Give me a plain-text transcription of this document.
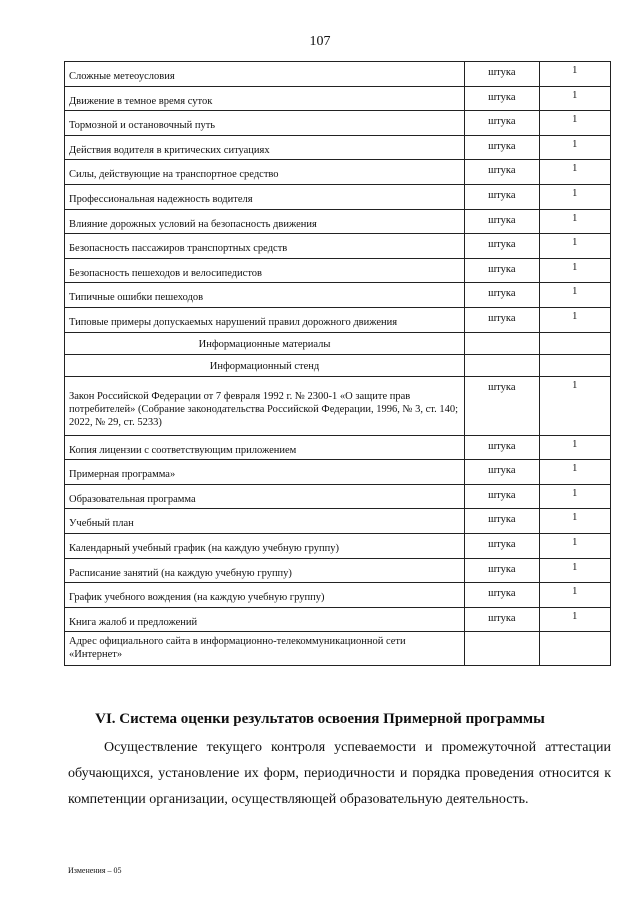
107
Сложные метеоусловия	штука	1
Движение в темное время суток	штука	1
Тормозной и остановочный путь	штука	1
Действия водителя в критических ситуациях	штука	1
Силы, действующие на транспортное средство	штука	1
Профессиональная надежность водителя	штука	1
Влияние дорожных условий на безопасность движения	штука	1
Безопасность пассажиров транспортных средств	штука	1
Безопасность пешеходов и велосипедистов	штука	1
Типичные ошибки пешеходов	штука	1
Типовые примеры допускаемых нарушений правил дорожного движения	штука	1
Информационные материалы		
Информационный стенд		
Закон Российской Федерации от 7 февраля 1992 г. № 2300-1 «О защите прав потребителей» (Собрание законодательства Российской Федерации, 1996, № 3, ст. 140; 2022, № 29, ст. 5233)	штука	1
Копия лицензии с соответствующим приложением	штука	1
Примерная программа»	штука	1
Образовательная программа	штука	1
Учебный план	штука	1
Календарный учебный график (на каждую учебную группу)	штука	1
Расписание занятий (на каждую учебную группу)	штука	1
График учебного вождения (на каждую учебную группу)	штука	1
Книга жалоб и предложений	штука	1
Адрес официального сайта в информационно-телекоммуникационной сети «Интернет»		
VI. Система оценки результатов освоения Примерной программы

Осуществление текущего контроля успеваемости и промежуточной аттестации обучающихся, установление их форм, периодичности и порядка проведения относится к компетенции организации, осуществляющей образовательную деятельность.

Изменения – 05
